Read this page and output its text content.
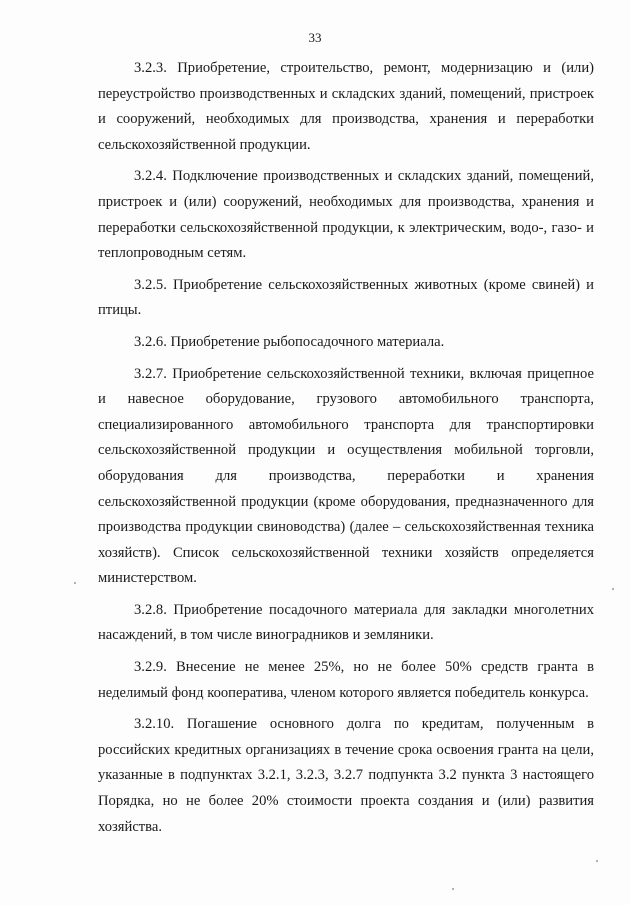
33

3.2.3. Приобретение, строительство, ремонт, модернизацию и (или) переустройство производственных и складских зданий, помещений, пристроек и сооружений, необходимых для производства, хранения и переработки сельскохозяйственной продукции.

3.2.4. Подключение производственных и складских зданий, помещений, пристроек и (или) сооружений, необходимых для производства, хранения и переработки сельскохозяйственной продукции, к электрическим, водо-, газо- и теплопроводным сетям.

3.2.5. Приобретение сельскохозяйственных животных (кроме свиней) и птицы.

3.2.6. Приобретение рыбопосадочного материала.

3.2.7. Приобретение сельскохозяйственной техники, включая прицепное и навесное оборудование, грузового автомобильного транспорта, специализированного автомобильного транспорта для транспортировки сельскохозяйственной продукции и осуществления мобильной торговли, оборудования для производства, переработки и хранения сельскохозяйственной продукции (кроме оборудования, предназначенного для производства продукции свиноводства) (далее – сельскохозяйственная техника хозяйств). Список сельскохозяйственной техники хозяйств определяется министерством.

3.2.8. Приобретение посадочного материала для закладки многолетних насаждений, в том числе виноградников и земляники.

3.2.9. Внесение не менее 25%, но не более 50% средств гранта в неделимый фонд кооператива, членом которого является победитель конкурса.

3.2.10. Погашение основного долга по кредитам, полученным в российских кредитных организациях в течение срока освоения гранта на цели, указанные в подпунктах 3.2.1, 3.2.3, 3.2.7 подпункта 3.2 пункта 3 настоящего Порядка, но не более 20% стоимости проекта создания и (или) развития хозяйства.
